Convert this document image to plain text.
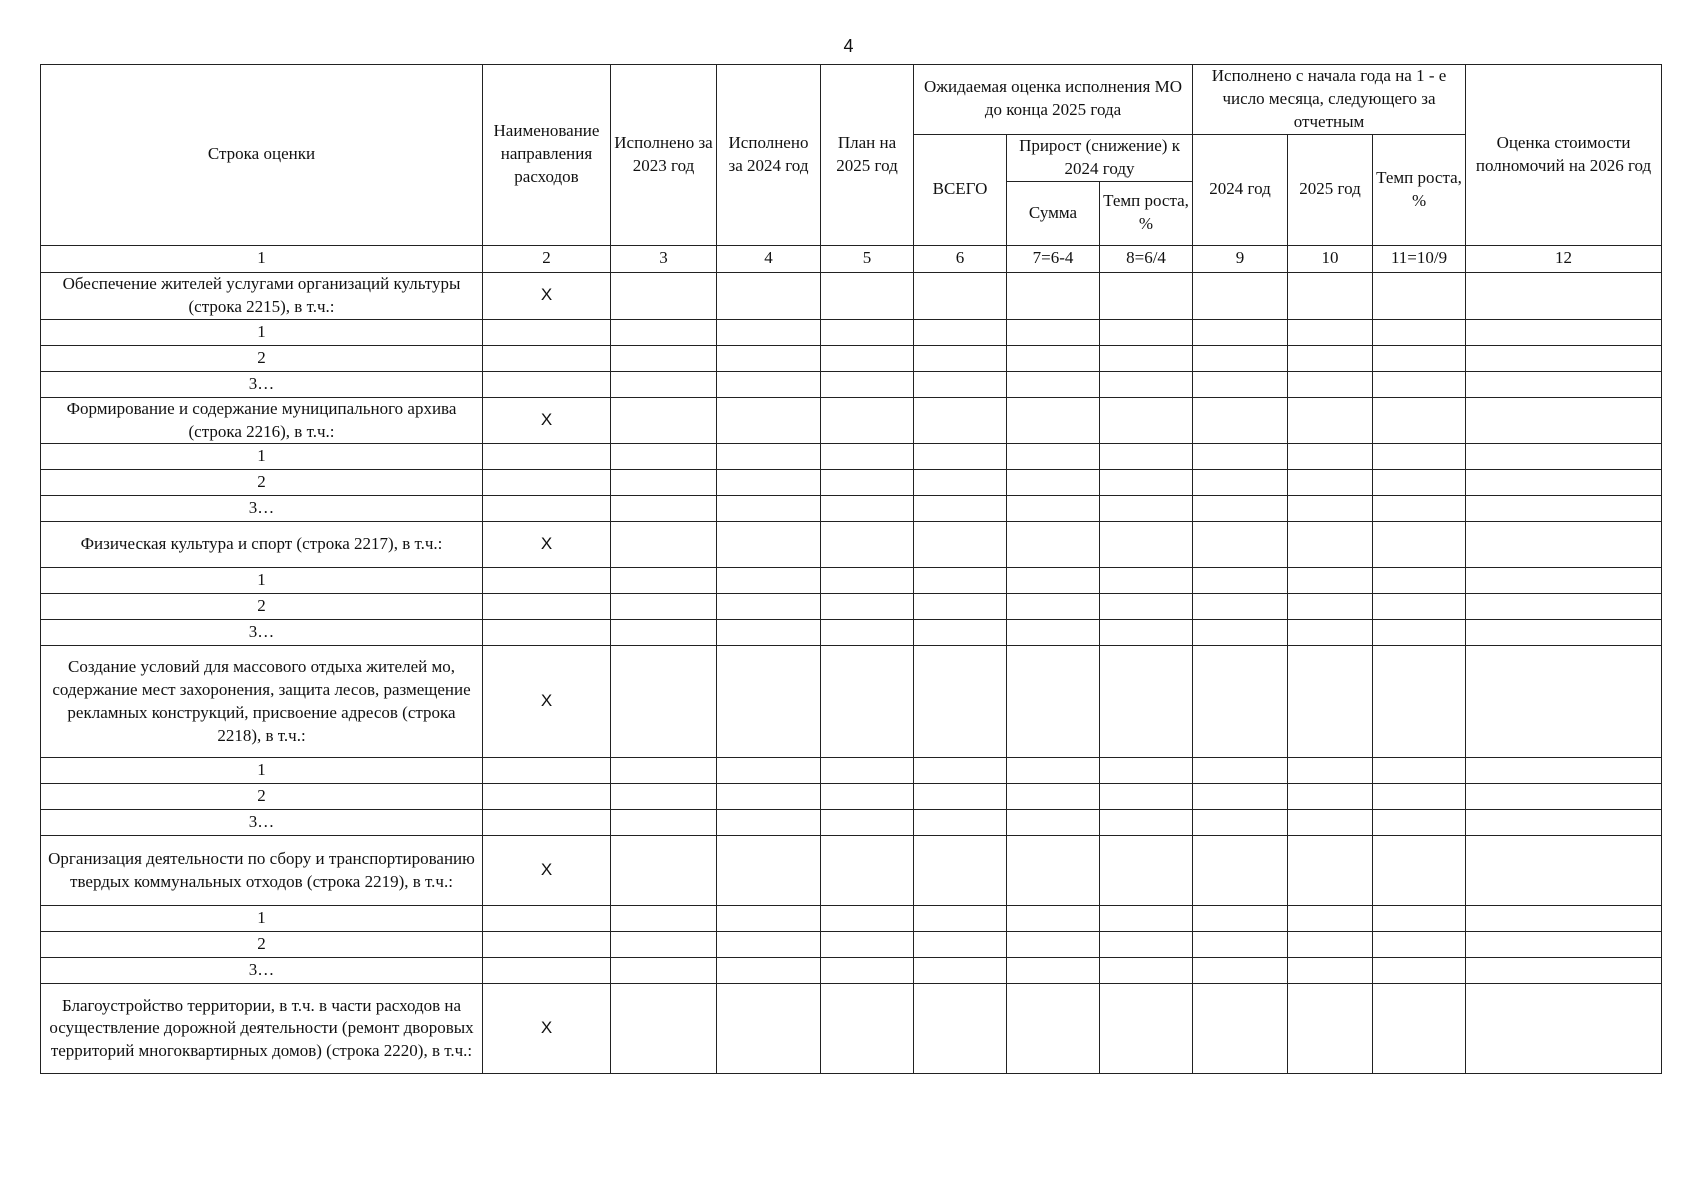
4
Строка оценки	Наименование направления расходов	Исполнено за 2023 год	Исполнено за 2024 год	План на 2025 год	Ожидаемая оценка исполнения МО до конца 2025 года			Исполнено с начала года на 1 - е число месяца, следующего за отчетным			Оценка стоимости полномочий на 2026 год
					ВСЕГО	Прирост (снижение) к 2024 году		2024 год	2025 год	Темп роста, %	
						Сумма	Темп роста, %				
1	2	3	4	5	6	7=6-4	8=6/4	9	10	11=10/9	12
Обеспечение жителей услугами организаций культуры (строка 2215), в т.ч.:	X										
1											
2											
3…											
Формирование и содержание муниципального архива (строка 2216), в т.ч.:	X										
1											
2											
3…											
Физическая культура и спорт (строка 2217), в т.ч.:	X										
1											
2											
3…											
Создание условий для массового отдыха жителей мо, содержание мест захоронения, защита лесов, размещение рекламных конструкций, присвоение адресов (строка 2218), в т.ч.:	X										
1											
2											
3…											
Организация деятельности по сбору и транспортированию твердых коммунальных отходов (строка 2219), в т.ч.:	X										
1											
2											
3…											
Благоустройство территории, в т.ч. в части расходов на осуществление дорожной деятельности (ремонт дворовых территорий многоквартирных домов) (строка 2220), в т.ч.:	X										
